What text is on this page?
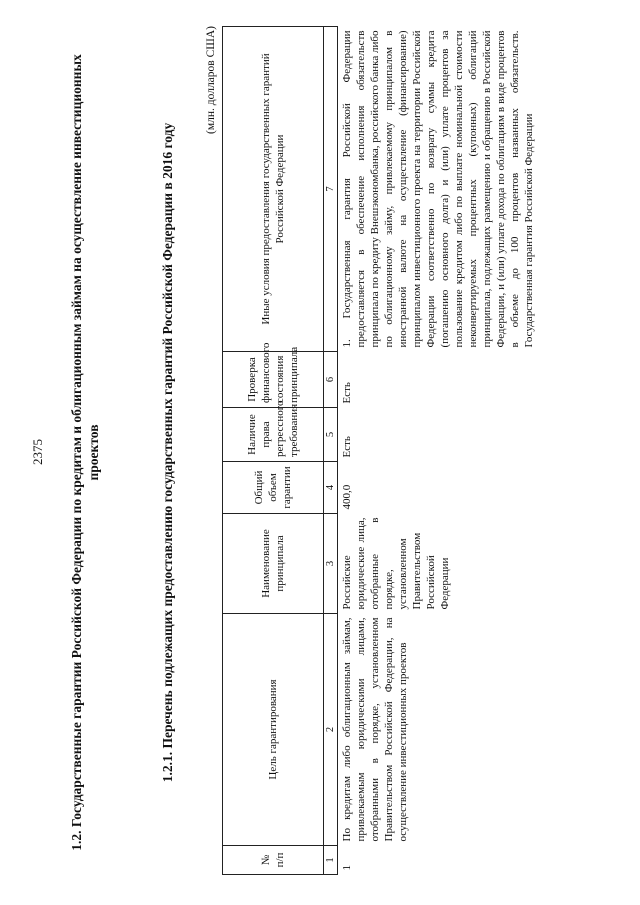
2375 1.2. Государственные гарантии Российской Федерации по кредитам и облигационным займам на осуществление инвестиционных проектов	1.2.1. Перечень подлежащих предоставлению государственных гарантий Российской Федерации в 2016 году
(млн. долларов США)
№ п/п	Цель гарантирования	Наименование принципала	Общий объем гарантии	Наличие права регрессного требования	Проверка финансового состояния принципала	Иные условия предоставления государственных гарантий Российской Федерации
1	2	3	4	5	6	7
1	По кредитам либо облигационным займам, привлекаемым юридическими лицами, отобранными в порядке, установленном Правительством Российской Федерации, на осуществление инвестиционных проектов	Российские юридические лица, отобранные в порядке, установленном Правительством Российской Федерации	400,0	Есть	Есть	1. Государственная гарантия Российской Федерации предоставляется в обеспечение исполнения обязательств принципала по кредиту Внешэкономбанка, российского банка либо по облигационному займу, привлекаемому принципалом в иностранной валюте на осуществление (финансирование) принципалом инвестиционного проекта на территории Российской Федерации соответственно по возврату суммы кредита (погашению основного долга) и (или) уплате процентов за пользование кредитом либо по выплате номинальной стоимости неконвертируемых процентных (купонных) облигаций принципала, подлежащих размещению и обращению в Российской Федерации, и (или) уплате дохода по облигациям в виде процентов в объеме до 100 процентов названных обязательств. Государственная гарантия Российской Федерации
